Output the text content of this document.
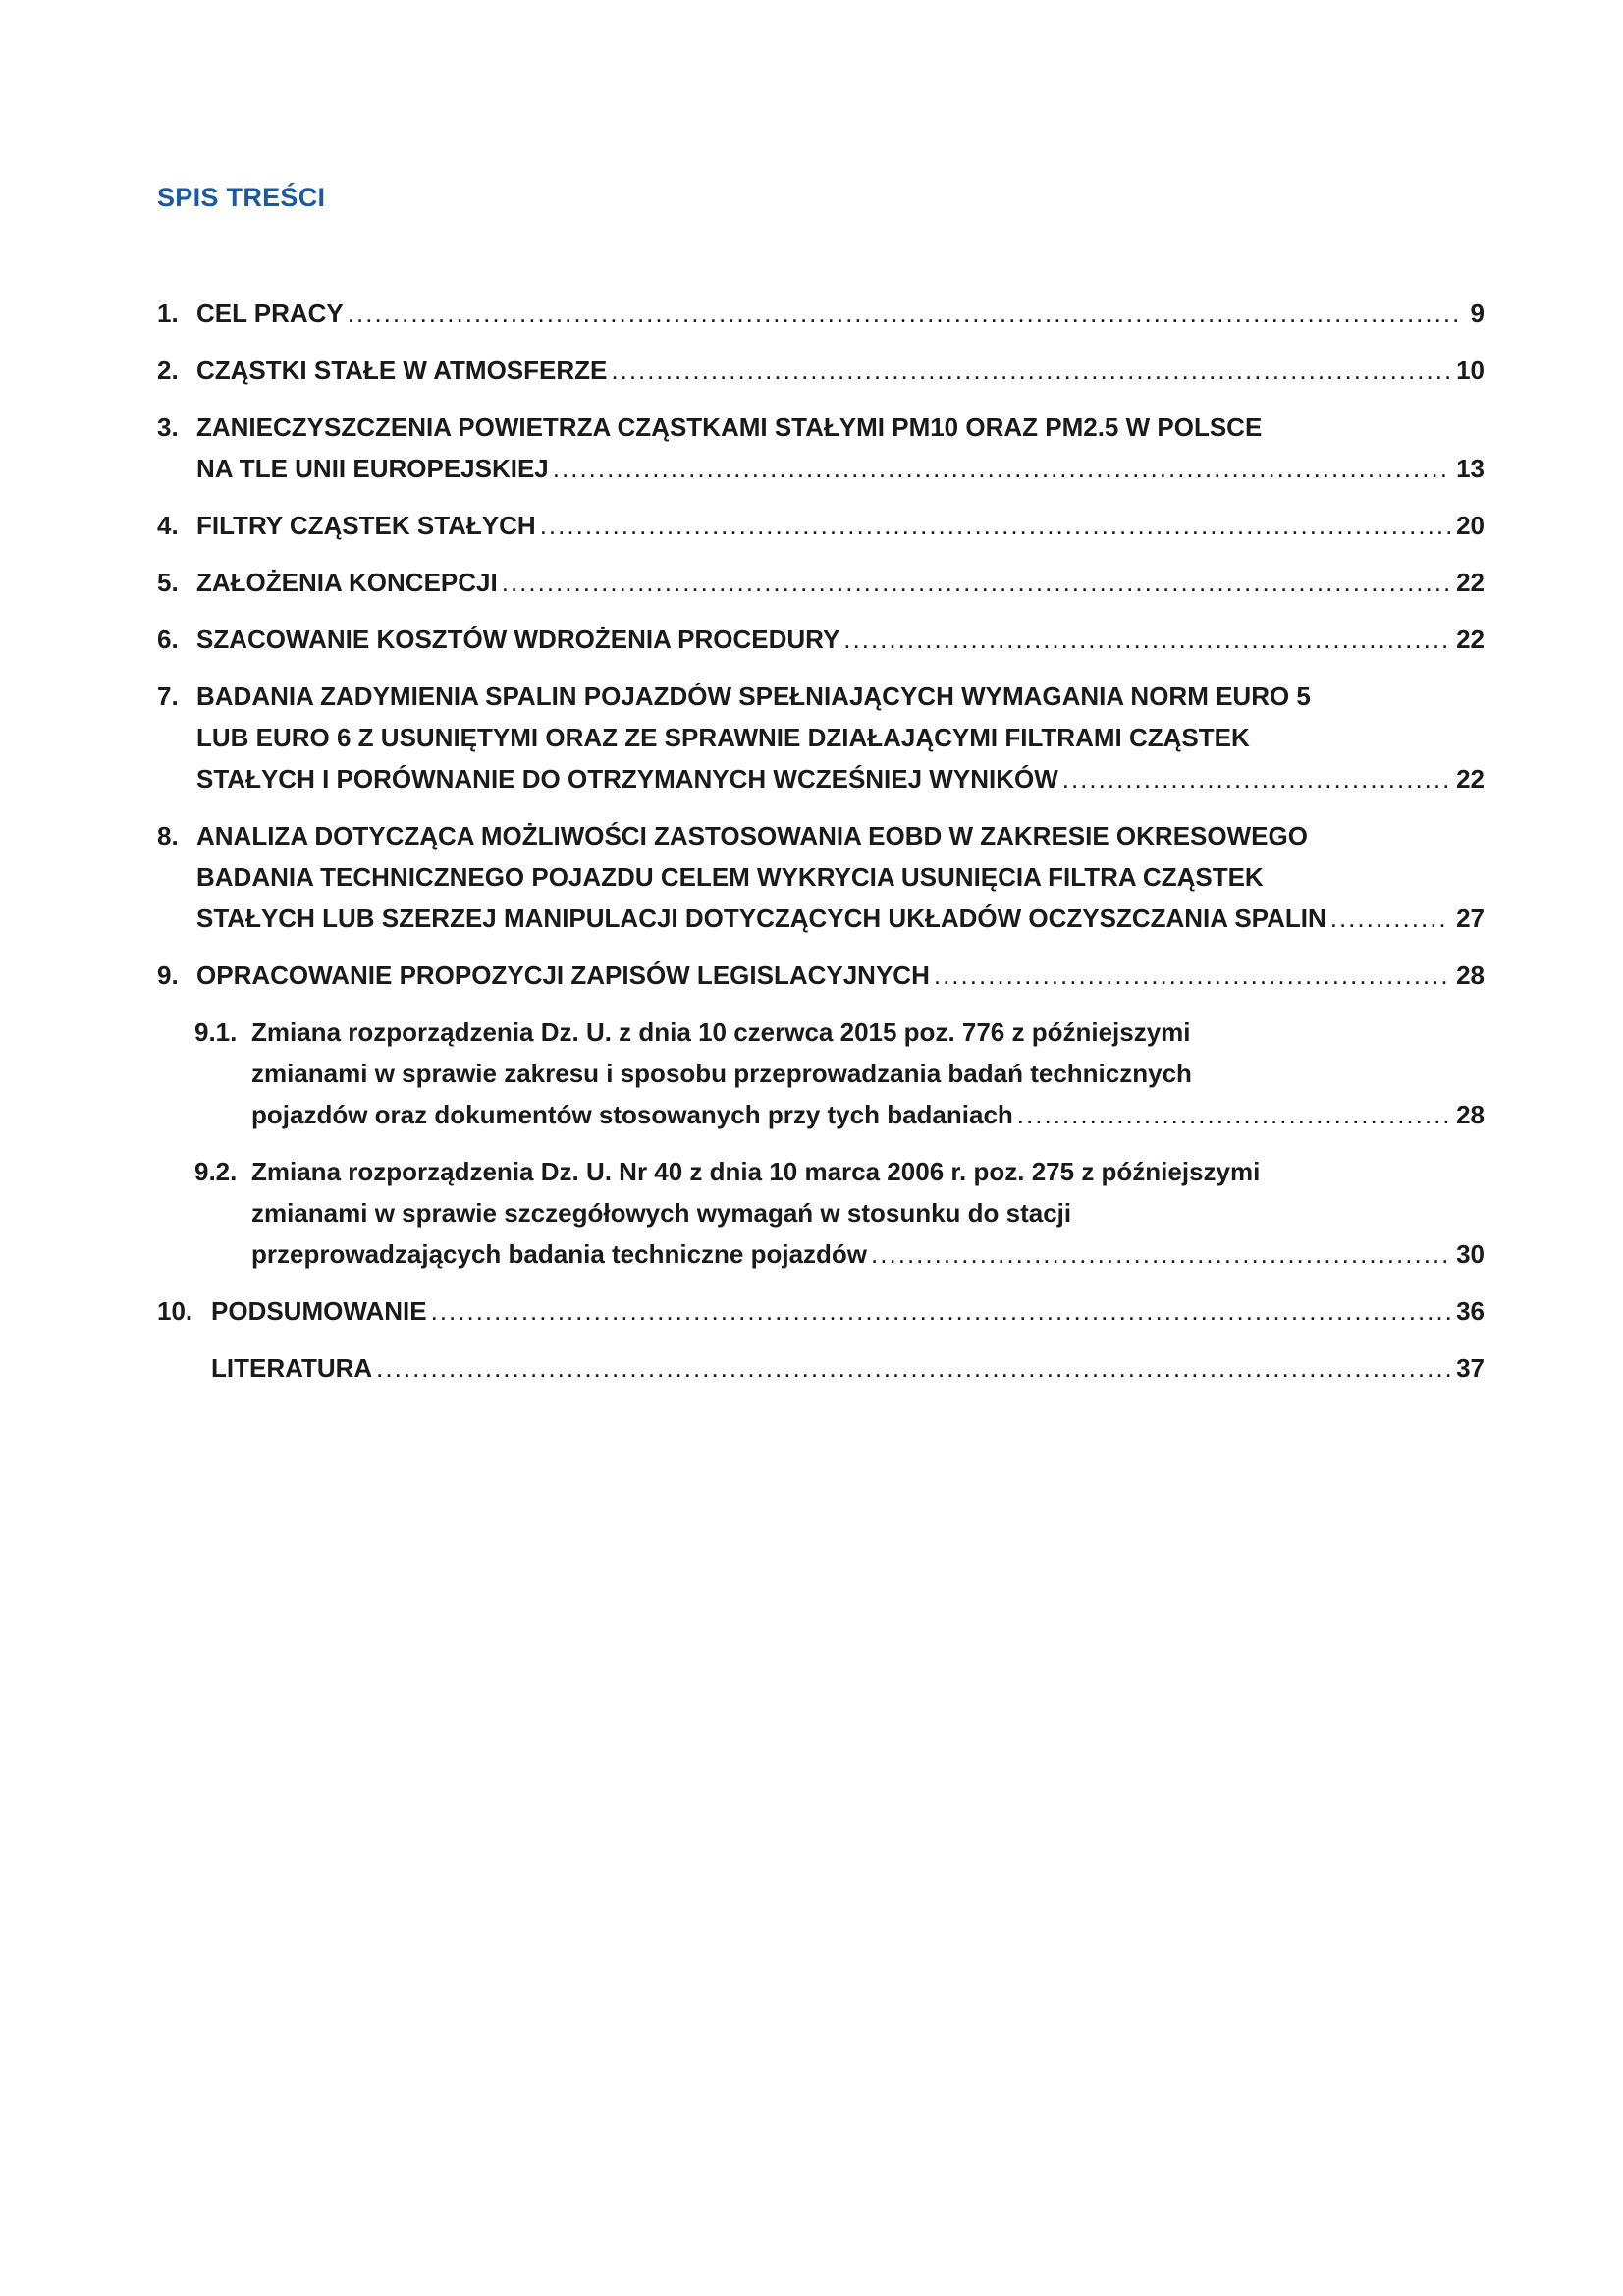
SPIS TREŚCI
1. CEL PRACY .....	9
2. CZĄSTKI STAŁE W ATMOSFERZE .....	10
3. ZANIECZYSZCZENIA POWIETRZA CZĄSTKAMI STAŁYMI PM10 ORAZ PM2.5 W POLSCE
NA TLE UNII EUROPEJSKIEJ .....	13
4. FILTRY CZĄSTEK STAŁYCH .....	20
5. ZAŁOŻENIA KONCEPCJI .....	22
6. SZACOWANIE KOSZTÓW WDROŻENIA PROCEDURY .....	22
7. BADANIA ZADYMIENIA SPALIN POJAZDÓW SPEŁNIAJĄCYCH WYMAGANIA NORM EURO 5
LUB EURO 6 Z USUNIĘTYMI ORAZ ZE SPRAWNIE DZIAŁAJĄCYMI FILTRAMI CZĄSTEK
STAŁYCH I PORÓWNANIE DO OTRZYMANYCH WCZEŚNIEJ WYNIKÓW .....	22
8. ANALIZA DOTYCZĄCA MOŻLIWOŚCI ZASTOSOWANIA EOBD W ZAKRESIE OKRESOWEGO
BADANIA TECHNICZNEGO POJAZDU CELEM WYKRYCIA USUNIĘCIA FILTRA CZĄSTEK
STAŁYCH LUB SZERZEJ MANIPULACJI DOTYCZĄCYCH UKŁADÓW OCZYSZCZANIA SPALIN .....	27
9. OPRACOWANIE PROPOZYCJI ZAPISÓW LEGISLACYJNYCH .....	28
9.1. Zmiana rozporządzenia Dz. U. z dnia 10 czerwca 2015 poz. 776 z późniejszymi
zmianami w sprawie zakresu i sposobu przeprowadzania badań technicznych
pojazdów oraz dokumentów stosowanych przy tych badaniach .....	28
9.2. Zmiana rozporządzenia Dz. U. Nr 40 z dnia 10 marca 2006 r. poz. 275 z późniejszymi
zmianami w sprawie szczegółowych wymagań w stosunku do stacji
przeprowadzających badania techniczne pojazdów .....	30
10. PODSUMOWANIE .....	36
LITERATURA .....	37
